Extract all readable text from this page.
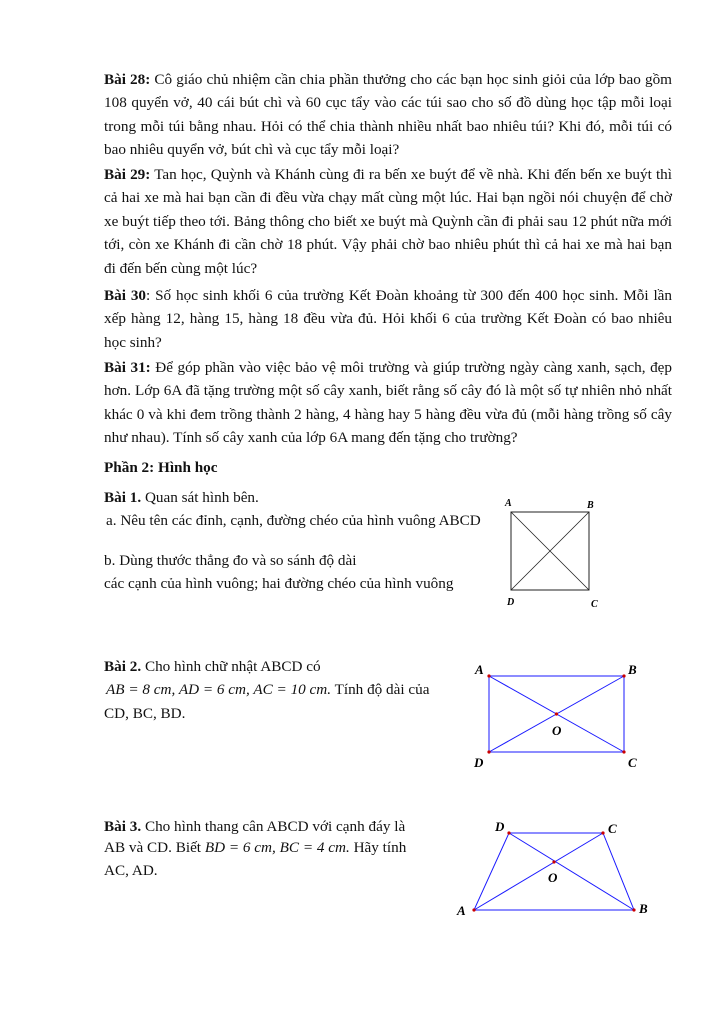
Bài 28: Cô giáo chủ nhiệm cần chia phần thưởng cho các bạn học sinh giỏi của lớp bao gồm 108 quyển vở, 40 cái bút chì và 60 cục tẩy vào các túi sao cho số đồ dùng học tập mỗi loại trong mỗi túi bằng nhau. Hỏi có thể chia thành nhiều nhất bao nhiêu túi? Khi đó, mỗi túi có bao nhiêu quyển vở, bút chì và cục tẩy mỗi loại?
Bài 29: Tan học, Quỳnh và Khánh cùng đi ra bến xe buýt để về nhà. Khi đến bến xe buýt thì cả hai xe mà hai bạn cần đi đều vừa chạy mất cùng một lúc. Hai bạn ngồi nói chuyện để chờ xe buýt tiếp theo tới. Bảng thông cho biết xe buýt mà Quỳnh cần đi phải sau 12 phút nữa mới tới, còn xe Khánh đi cần chờ 18 phút. Vậy phải chờ bao nhiêu phút thì cả hai xe mà hai bạn đi đến bến cùng một lúc?
Bài 30: Số học sinh khối 6 của trường Kết Đoàn khoảng từ 300 đến 400 học sinh. Mỗi lần xếp hàng 12, hàng 15, hàng 18 đều vừa đủ. Hỏi khối 6 của trường Kết Đoàn có bao nhiêu học sinh?
Bài 31: Để góp phần vào việc bảo vệ môi trường và giúp trường ngày càng xanh, sạch, đẹp hơn. Lớp 6A đã tặng trường một số cây xanh, biết rằng số cây đó là một số tự nhiên nhỏ nhất khác 0 và khi đem trồng thành 2 hàng, 4 hàng hay 5 hàng đều vừa đủ (mỗi hàng trồng số cây như nhau). Tính số cây xanh của lớp 6A mang đến tặng cho trường?
Phần 2: Hình học
Bài 1. Quan sát hình bên.
a. Nêu tên các đỉnh, cạnh, đường chéo của hình vuông ABCD
b. Dùng thước thẳng đo và so sánh độ dài
các cạnh của hình vuông; hai đường chéo của hình vuông
A	B
C
D
Bài 2. Cho hình chữ nhật ABCD có
AB = 8 cm, AD = 6 cm, AC = 10 cm. Tính độ dài của
CD, BC, BD.
A	B
C
D
O
Bài 3. Cho hình thang cân ABCD với cạnh đáy là
AB và CD. Biết BD = 6 cm, BC = 4 cm. Hãy tính
AC, AD.
A	B
C
D
O
